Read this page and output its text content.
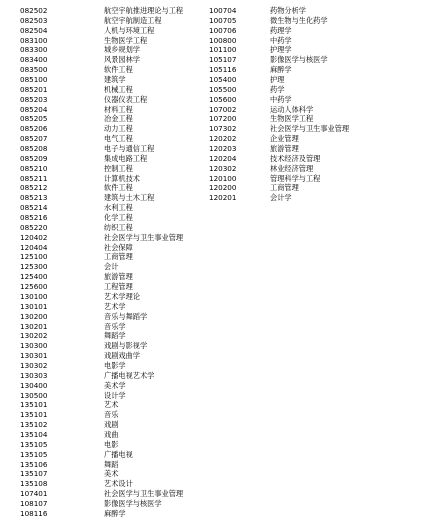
082502	航空宇航推进理论与工程
082503	航空宇航制造工程
082504	人机与环境工程
083100	生物医学工程
083300	城乡规划学
083400	风景园林学
083500	软件工程
085100	建筑学
085201	机械工程
085203	仪器仪表工程
085204	材料工程
085205	冶金工程
085206	动力工程
085207	电气工程
085208	电子与通信工程
085209	集成电路工程
085210	控制工程
085211	计算机技术
085212	软件工程
085213	建筑与土木工程
085214	水利工程
085216	化学工程
085220	纺织工程
120402	社会医学与卫生事业管理
120404	社会保障
125100	工商管理
125300	会计
125400	旅游管理
125600	工程管理
130100	艺术学理论
130101	艺术学
130200	音乐与舞蹈学
130201	音乐学
130202	舞蹈学
130300	戏剧与影视学
130301	戏剧戏曲学
130302	电影学
130303	广播电视艺术学
130400	美术学
130500	设计学
135101	艺术
135101	音乐
135102	戏剧
135104	戏曲
135105	电影
135105	广播电视
135106	舞蹈
135107	美术
135108	艺术设计
107401	社会医学与卫生事业管理
108107	影像医学与核医学
108116	麻醉学
100704	药物分析学
100705	微生物与生化药学
100706	药理学
100800	中药学
101100	护理学
105107	影像医学与核医学
105116	麻醉学
105400	护理
105500	药学
105600	中药学
107002	运动人体科学
107200	生物医学工程
107302	社会医学与卫生事业管理
120202	企业管理
120203	旅游管理
120204	技术经济及管理
120302	林业经济管理
120100	管理科学与工程
120200	工商管理
120201	会计学
